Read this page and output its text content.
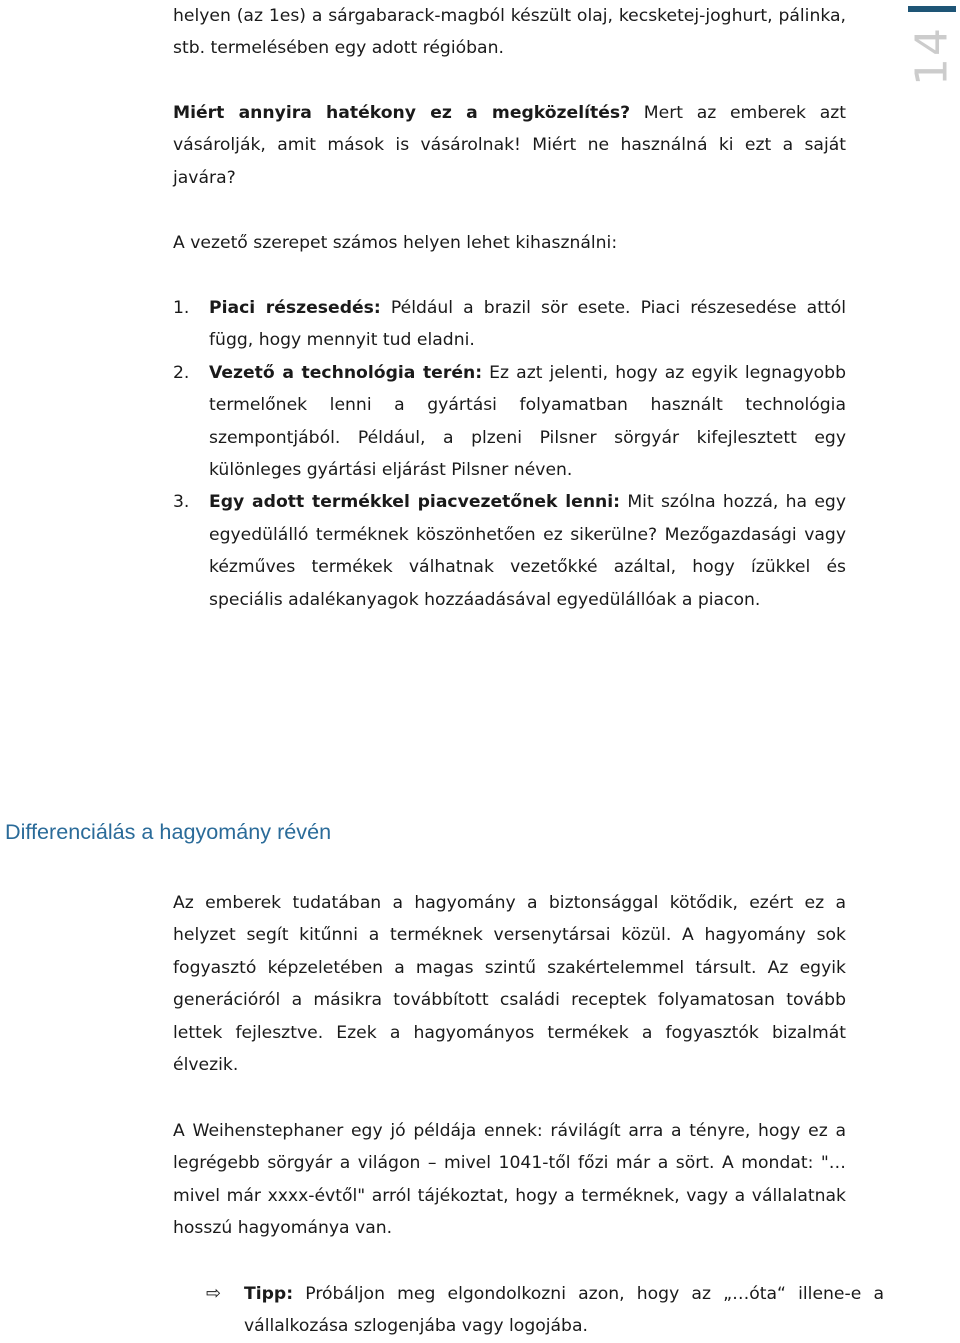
14

helyen (az 1es) a sárgabarack-magból készült olaj, kecsketej-joghurt, pálinka, stb. termelésében egy adott régióban.

Miért annyira hatékony ez a megközelítés? Mert az emberek azt vásárolják, amit mások is vásárolnak! Miért ne használná ki ezt a saját javára?

A vezető szerepet számos helyen lehet kihasználni:

1. Piaci részesedés: Például a brazil sör esete. Piaci részesedése attól függ, hogy mennyit tud eladni.
2. Vezető a technológia terén: Ez azt jelenti, hogy az egyik legnagyobb termelőnek lenni a gyártási folyamatban használt technológia szempontjából. Például, a plzeni Pilsner sörgyár kifejlesztett egy különleges gyártási eljárást Pilsner néven.
3. Egy adott termékkel piacvezetőnek lenni: Mit szólna hozzá, ha egy egyedülálló terméknek köszönhetően ez sikerülne? Mezőgazdasági vagy kézműves termékek válhatnak vezetőkké azáltal, hogy ízükkel és speciális adalékanyagok hozzáadásával egyedülállóak a piacon.
Differenciálás a hagyomány révén

Az emberek tudatában a hagyomány a biztonsággal kötődik, ezért ez a helyzet segít kitűnni a terméknek versenytársai közül. A hagyomány sok fogyasztó képzeletében a magas szintű szakértelemmel társult. Az egyik generációról a másikra továbbított családi receptek folyamatosan tovább lettek fejlesztve. Ezek a hagyományos termékek a fogyasztók bizalmát élvezik.

A Weihenstephaner egy jó példája ennek: rávilágít arra a tényre, hogy ez a legrégebb sörgyár a világon – mivel 1041-től főzi már a sört. A mondat: "…mivel már xxxx-évtől" arról tájékoztat, hogy a terméknek, vagy a vállalatnak hosszú hagyománya van.

⇨ Tipp: Próbáljon meg elgondolkozni azon, hogy az „…óta“ illene-e a vállalkozása szlogenjába vagy logojába.
